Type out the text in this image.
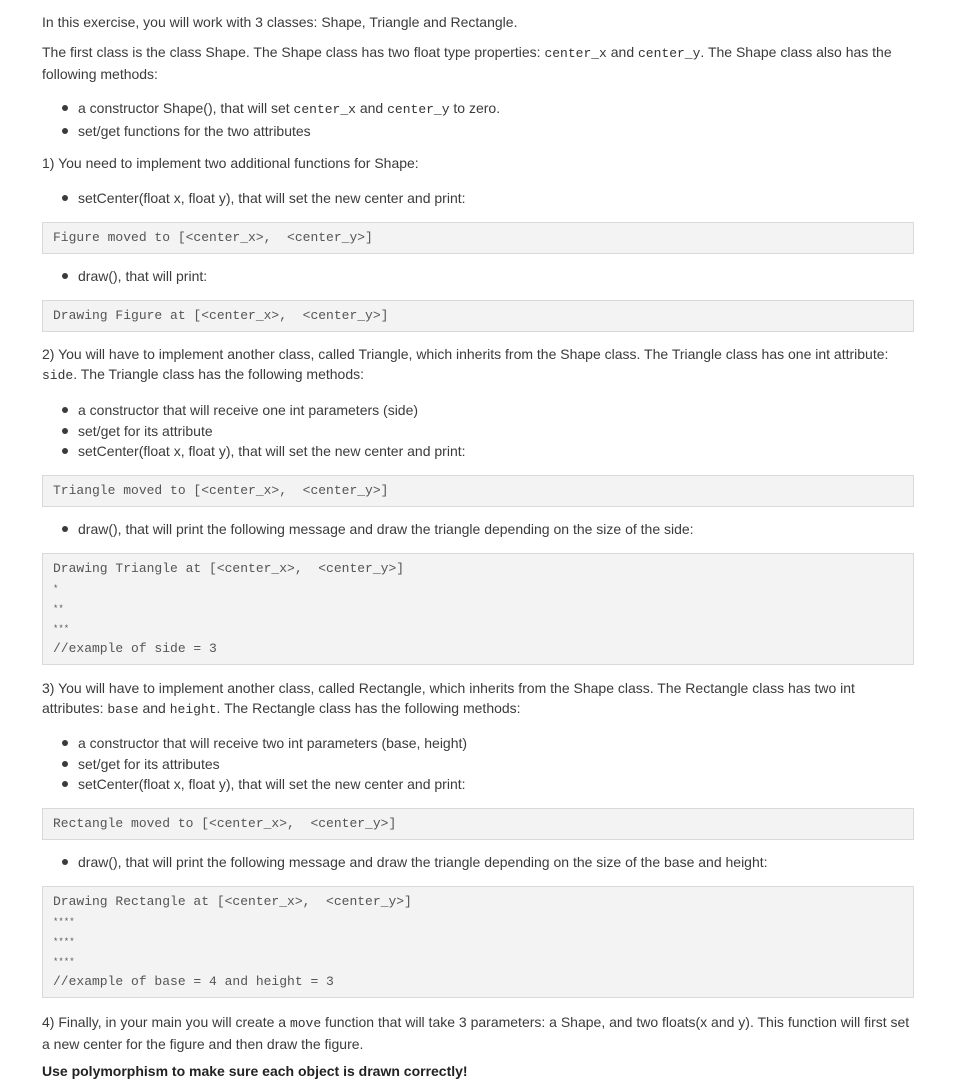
In this exercise, you will work with 3 classes: Shape, Triangle and Rectangle.

The first class is the class Shape. The Shape class has two float type properties: center_x and center_y. The Shape class also has the following methods:

a constructor Shape(), that will set center_x and center_y to zero.
set/get functions for the two attributes

1) You need to implement two additional functions for Shape:

setCenter(float x, float y), that will set the new center and print:
Figure moved to [<center_x>,  <center_y>]
draw(), that will print:
Drawing Figure at [<center_x>,  <center_y>]

2) You will have to implement another class, called Triangle, which inherits from the Shape class. The Triangle class has one int attribute: side. The Triangle class has the following methods:

a constructor that will receive one int parameters (side)
set/get for its attribute
setCenter(float x, float y), that will set the new center and print:
Triangle moved to [<center_x>,  <center_y>]
draw(), that will print the following message and draw the triangle depending on the size of the side:
Drawing Triangle at [<center_x>,  <center_y>]
*
**
***
//example of side = 3

3) You will have to implement another class, called Rectangle, which inherits from the Shape class. The Rectangle class has two int attributes: base and height. The Rectangle class has the following methods:

a constructor that will receive two int parameters (base, height)
set/get for its attributes
setCenter(float x, float y), that will set the new center and print:
Rectangle moved to [<center_x>,  <center_y>]
draw(), that will print the following message and draw the triangle depending on the size of the base and height:
Drawing Rectangle at [<center_x>,  <center_y>]
****
****
****
//example of base = 4 and height = 3

4) Finally, in your main you will create a move function that will take 3 parameters: a Shape, and two floats(x and y). This function will first set a new center for the figure and then draw the figure.

Use polymorphism to make sure each object is drawn correctly!
